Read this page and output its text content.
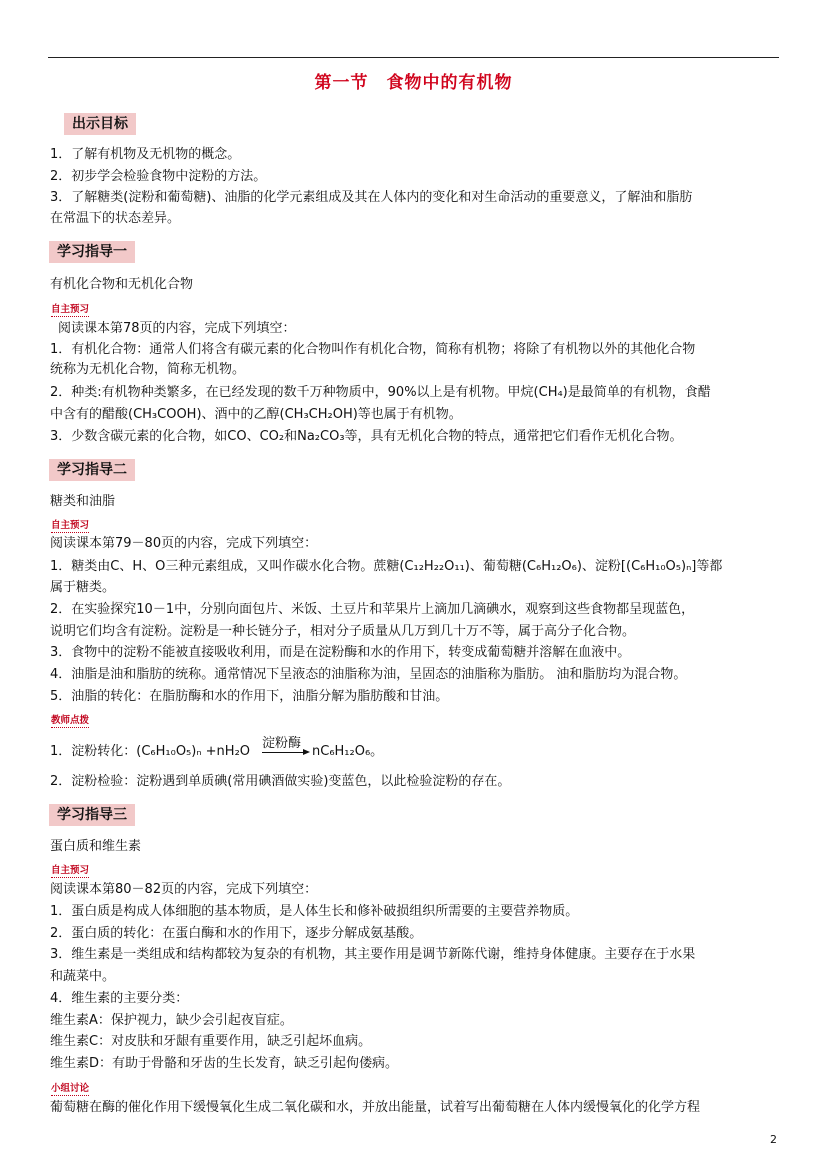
第一节　食物中的有机物
出示目标
1．了解有机物及无机物的概念。
2．初步学会检验食物中淀粉的方法。
3．了解糖类(淀粉和葡萄糖)、油脂的化学元素组成及其在人体内的变化和对生命活动的重要意义，了解油和脂肪
在常温下的状态差异。
学习指导一
有机化合物和无机化合物
自主预习
阅读课本第78页的内容，完成下列填空：
1．有机化合物：通常人们将含有碳元素的化合物叫作有机化合物，简称有机物；将除了有机物以外的其他化合物
统称为无机化合物，简称无机物。
2．种类:有机物种类繁多，在已经发现的数千万种物质中，90%以上是有机物。甲烷(CH₄)是最简单的有机物，食醋
中含有的醋酸(CH₃COOH)、酒中的乙醇(CH₃CH₂OH)等也属于有机物。
3．少数含碳元素的化合物，如CO、CO₂和Na₂CO₃等，具有无机化合物的特点，通常把它们看作无机化合物。
学习指导二
糖类和油脂
自主预习
阅读课本第79－80页的内容，完成下列填空：
1．糖类由C、H、O三种元素组成，又叫作碳水化合物。蔗糖(C₁₂H₂₂O₁₁)、葡萄糖(C₆H₁₂O₆)、淀粉[(C₆H₁₀O₅)ₙ]等都
属于糖类。
2．在实验探究10－1中，分别向面包片、米饭、土豆片和苹果片上滴加几滴碘水，观察到这些食物都呈现蓝色，
说明它们均含有淀粉。淀粉是一种长链分子，相对分子质量从几万到几十万不等，属于高分子化合物。
3．食物中的淀粉不能被直接吸收利用，而是在淀粉酶和水的作用下，转变成葡萄糖并溶解在血液中。
4．油脂是油和脂肪的统称。通常情况下呈液态的油脂称为油，呈固态的油脂称为脂肪。 油和脂肪均为混合物。
5．油脂的转化：在脂肪酶和水的作用下，油脂分解为脂肪酸和甘油。
教师点拨
1．淀粉转化：(C₆H₁₀O₅)ₙ +nH₂O
淀粉酶
nC₆H₁₂O₆。
2．淀粉检验：淀粉遇到单质碘(常用碘酒做实验)变蓝色，以此检验淀粉的存在。
学习指导三
蛋白质和维生素
自主预习
阅读课本第80－82页的内容，完成下列填空：
1．蛋白质是构成人体细胞的基本物质，是人体生长和修补破损组织所需要的主要营养物质。
2．蛋白质的转化：在蛋白酶和水的作用下，逐步分解成氨基酸。
3．维生素是一类组成和结构都较为复杂的有机物，其主要作用是调节新陈代谢，维持身体健康。主要存在于水果
和蔬菜中。
4．维生素的主要分类：
维生素A：保护视力，缺少会引起夜盲症。
维生素C：对皮肤和牙龈有重要作用，缺乏引起坏血病。
维生素D：有助于骨骼和牙齿的生长发育，缺乏引起佝偻病。
小组讨论
葡萄糖在酶的催化作用下缓慢氧化生成二氧化碳和水，并放出能量，试着写出葡萄糖在人体内缓慢氧化的化学方程
2
